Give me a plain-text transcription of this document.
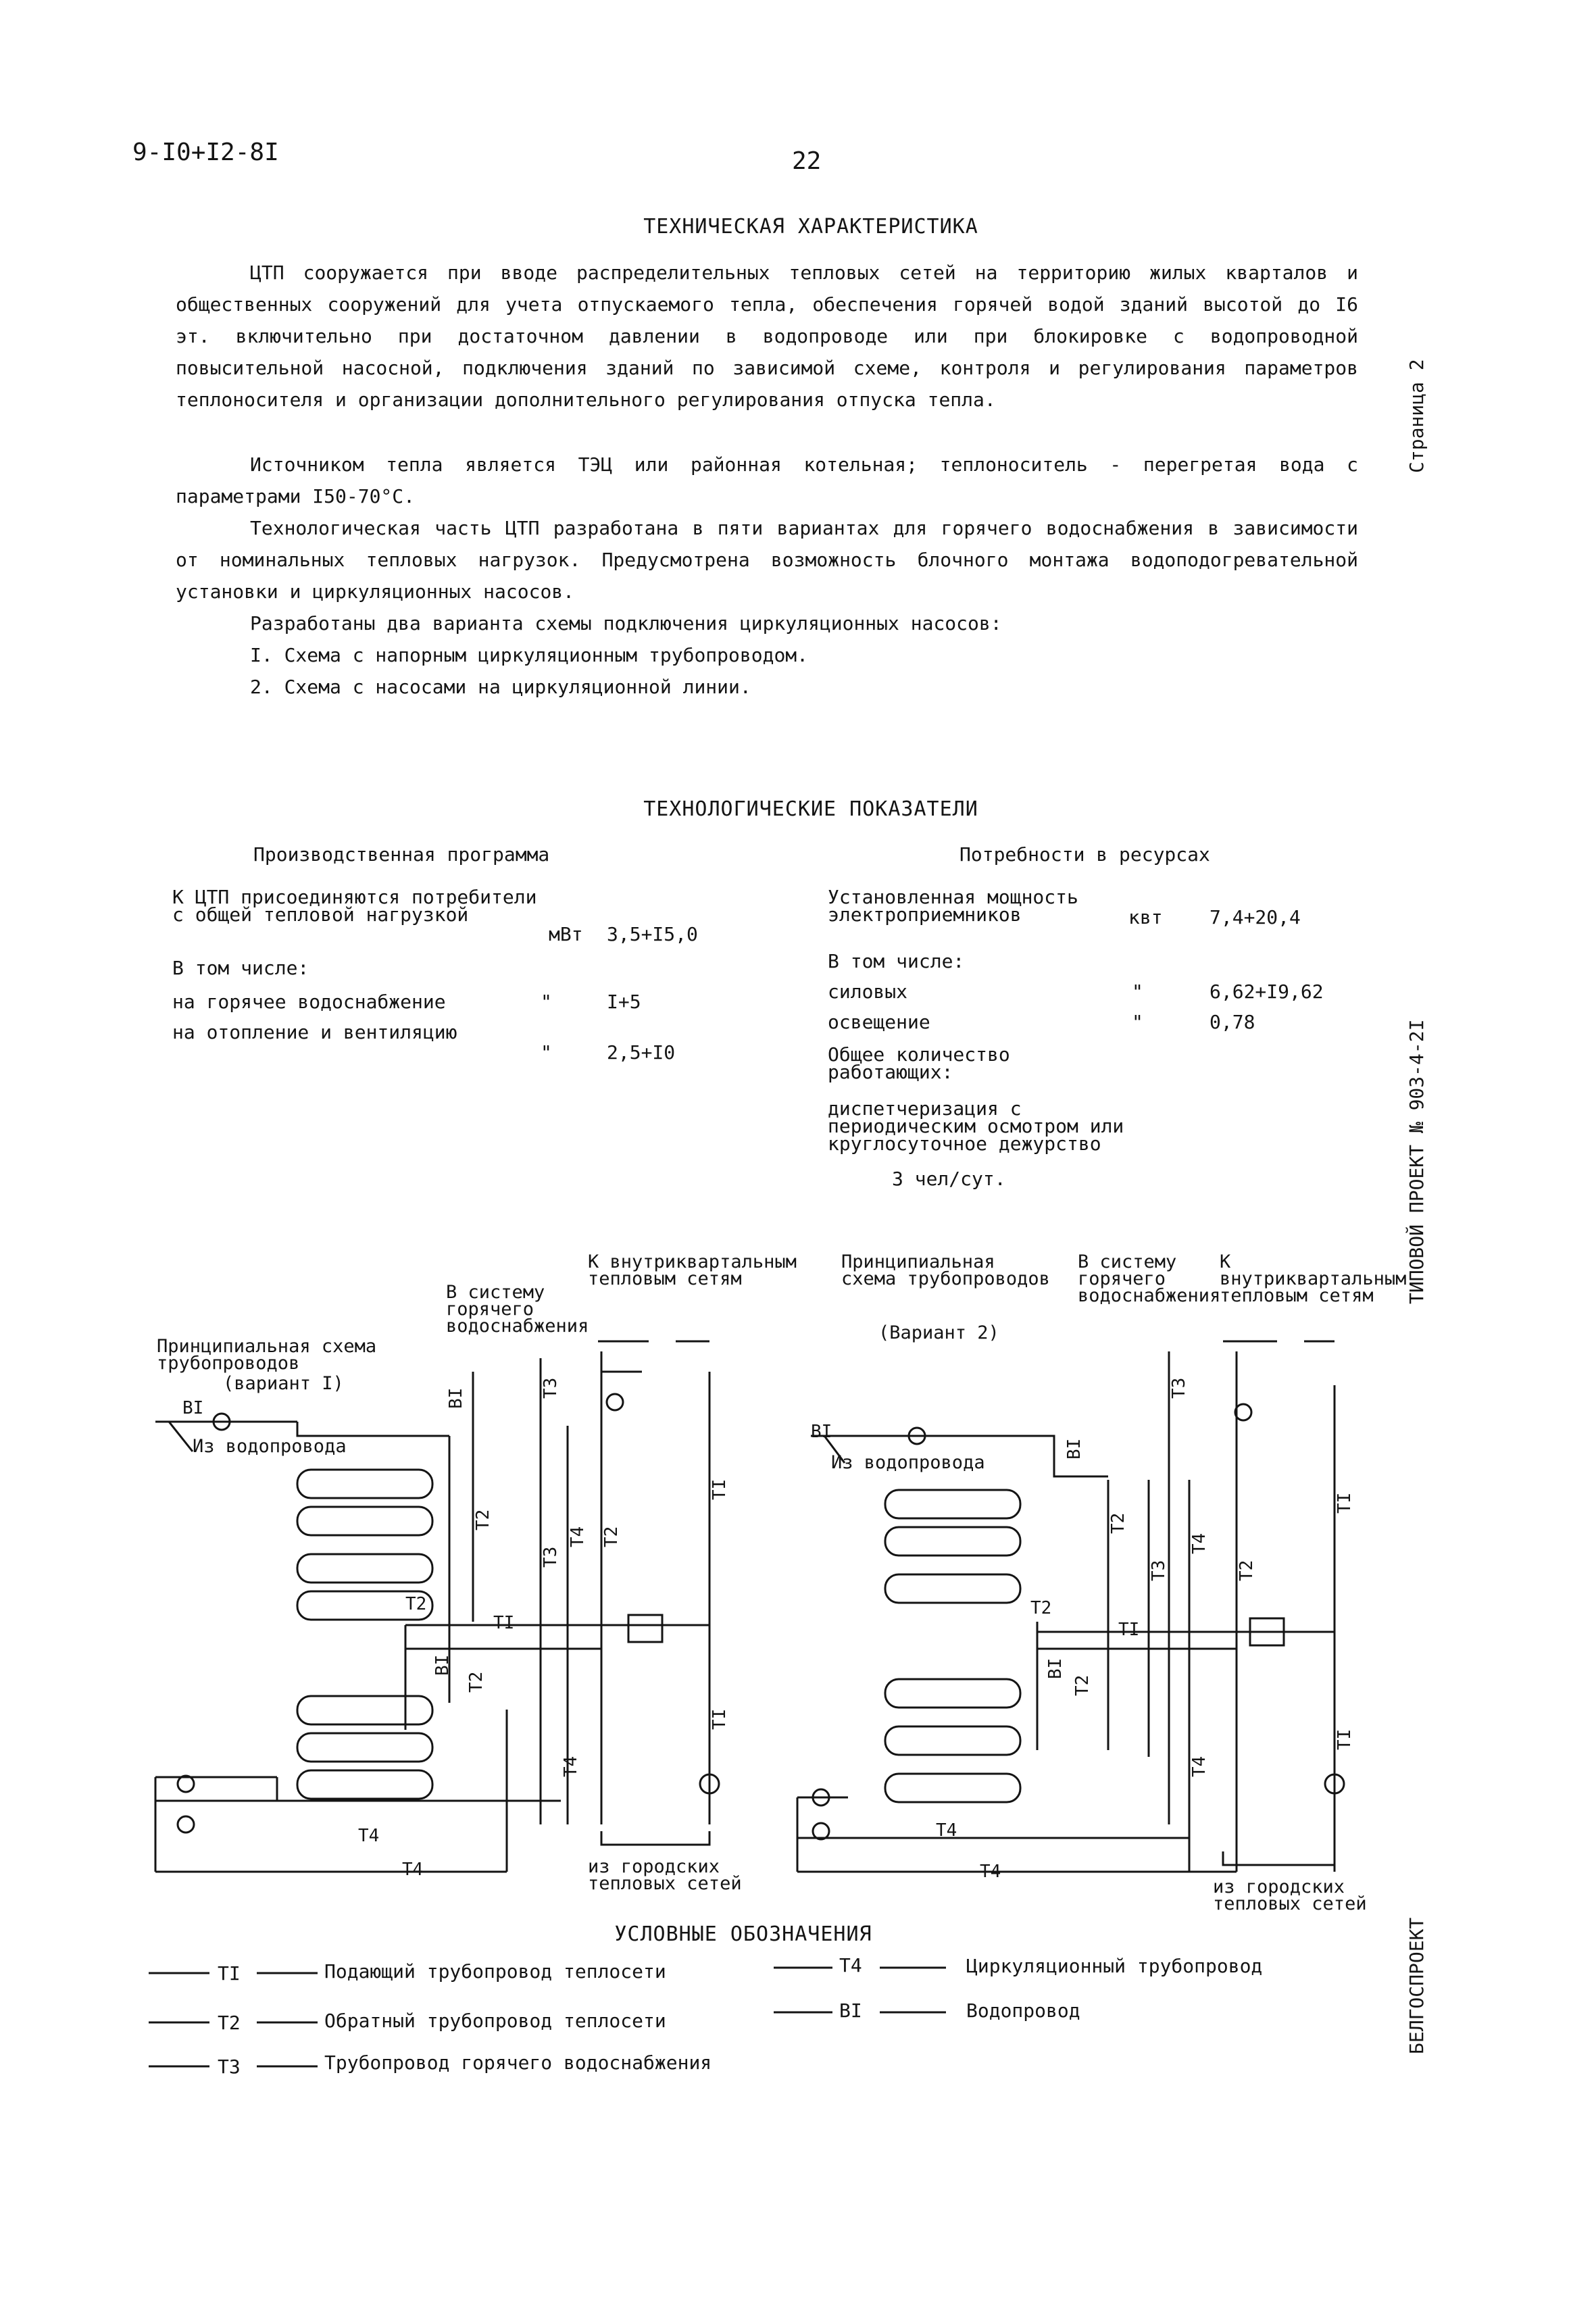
9-I0+I2-8I	22
Страница 2
ТИПОВОЙ ПРОЕКТ № 903-4-2I
БЕЛГОСПРОЕКТ
ТЕХНИЧЕСКАЯ ХАРАКТЕРИСТИКА
ЦТП сооружается при вводе распределительных тепловых сетей на территорию жилых кварталов и общественных сооружений для учета отпускаемого тепла, обеспечения горячей водой зданий высотой до I6 эт. включительно при достаточном давлении в водопроводе или при блокировке с водопроводной повысительной насосной, подключения зданий по зависимой схеме, контроля и регулирования параметров теплоносителя и организации дополнительного регулирования отпуска тепла.
Источником тепла является ТЭЦ или районная котельная; теплоноситель - перегретая вода с параметрами I50-70°С.
Технологическая часть ЦТП разработана в пяти вариантах для горячего водоснабжения в зависимости от номинальных тепловых нагрузок. Предусмотрена возможность блочного монтажа водоподогревательной установки и циркуляционных насосов.
Разработаны два варианта схемы подключения циркуляционных насосов:
I. Схема с напорным циркуляционным трубопроводом.
2. Схема с насосами на циркуляционной линии.
ТЕХНОЛОГИЧЕСКИЕ ПОКАЗАТЕЛИ
Производственная программа
К ЦТП присоединяются потребители с общей тепловой нагрузкой
мВт 3,5+I5,0
В том числе:
на горячее водоснабжение	"	I+5
на отопление и вентиляцию
"	2,5+I0
Потребности в ресурсах
Установленная мощность электроприемников	квт 7,4+20,4
В том числе:
силовых	"	6,62+I9,62
освещение	"	0,78
Общее количество работающих:
диспетчеризация с периодическим осмотром или круглосуточное дежурство
3 чел/сут.
Принципиальная схема трубопроводов
(вариант I)
В систему горячего водоснабжения
К внутриквартальным тепловым сетям
из городских тепловых сетей
Из водопровода
Принципиальная схема трубопроводов
(Вариант 2)
В систему горячего водоснабжения
К внутриквартальным тепловым сетям
из городских тепловых сетей
Из водопровода
BI
TI
T4
T4
T2
BI
TI
T2
T4
T4
BI
T2
T3
T3
T4 T2
TI
TI
T2
BI
T4
BI
T2
T3
T3
T4
T2
TI
TI
T2
BI
T4
TI
T2
T3
T4
BI
УСЛОВНЫЕ ОБОЗНАЧЕНИЯ
Подающий трубопровод теплосети
Обратный трубопровод теплосети
Трубопровод горячего водоснабжения
Циркуляционный трубопровод
Водопровод
